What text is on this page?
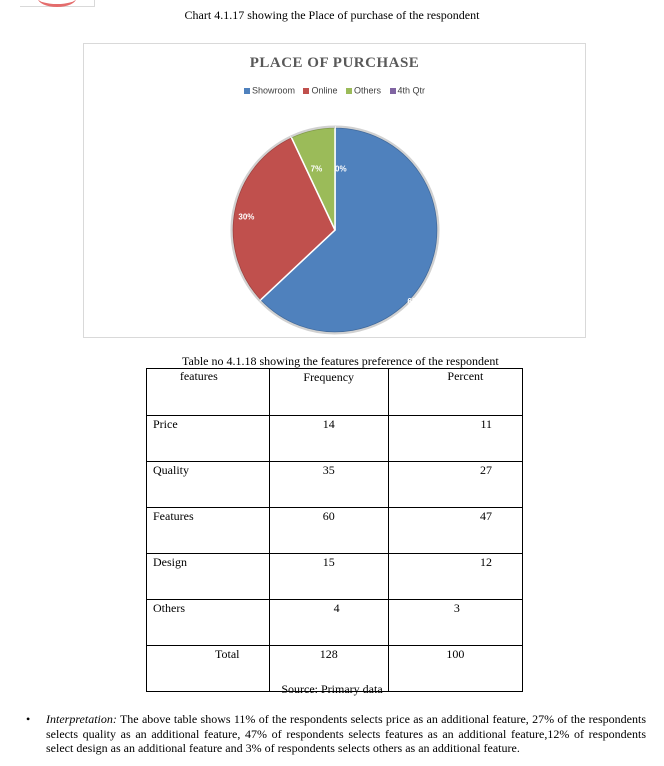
Chart 4.1.17 showing the Place of purchase of the respondent
PLACE OF PURCHASE
Showroom Online Others 4th Qtr
63%
30%
7% 0%
Table no 4.1.18 showing the features preference of the respondent
features	Frequency	Percent
Price	14	11
Quality	35	27
Features	60	47
Design	15	12
Others	4	3
Total	128	100
Source: Primary data
• Interpretation: The above table shows 11% of the respondents selects price as an additional feature, 27% of the respondents selects quality as an additional feature, 47% of respondents selects features as an additional feature,12% of respondents select design as an additional feature and 3% of respondents selects others as an additional feature.
